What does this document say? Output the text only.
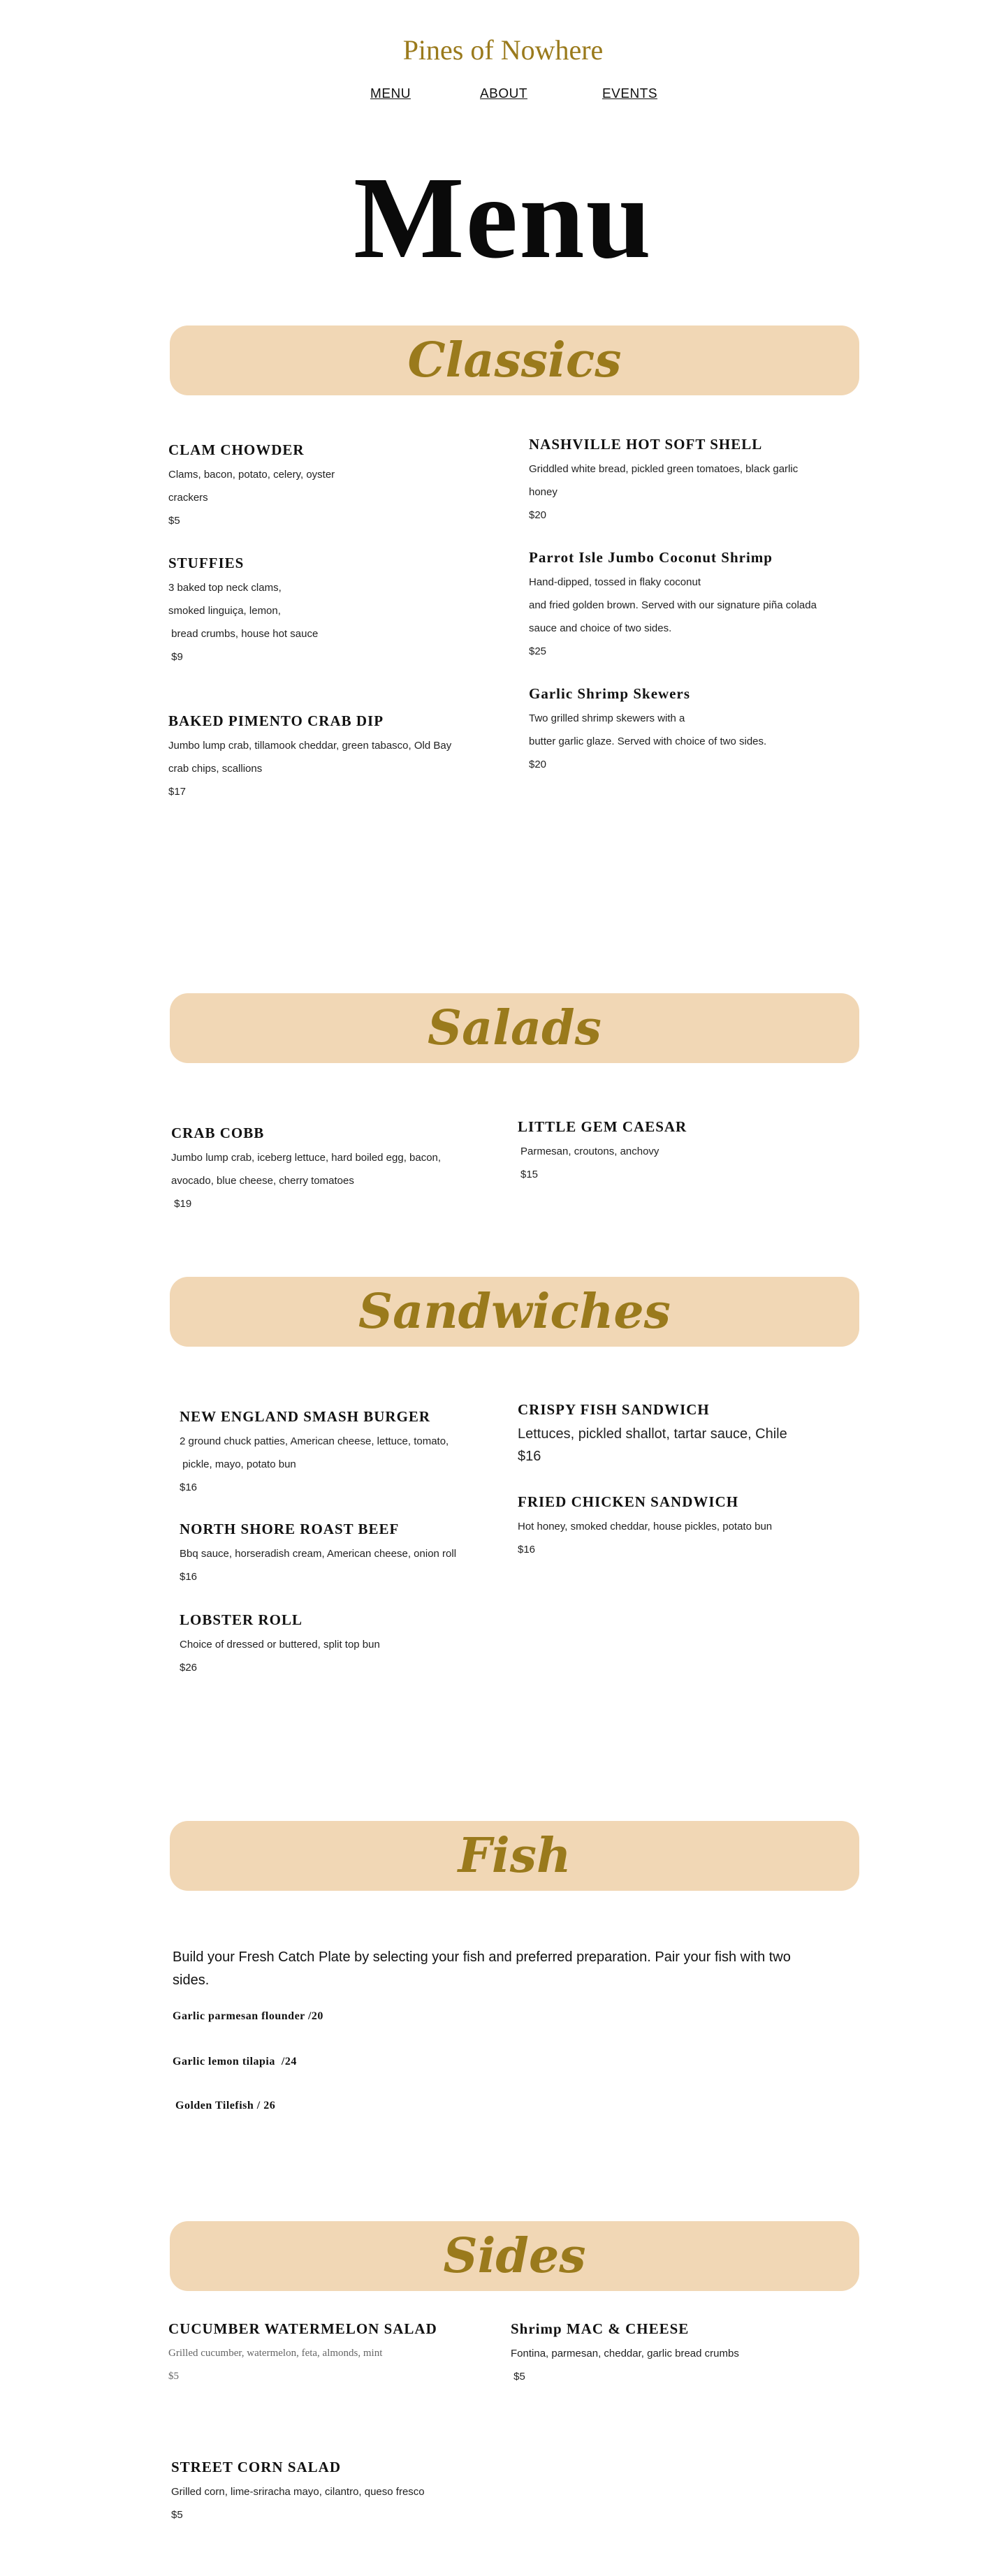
Pines of Nowhere
MENU	ABOUT	EVENTS
Menu
Classics
CLAM CHOWDER
Clams, bacon, potato, celery, oyster
crackers
$5
STUFFIES
3 baked top neck clams,
smoked linguiça, lemon,
bread crumbs, house hot sauce
$9
BAKED PIMENTO CRAB DIP
Jumbo lump crab, tillamook cheddar, green tabasco, Old Bay
crab chips, scallions
$17
NASHVILLE HOT SOFT SHELL
Griddled white bread, pickled green tomatoes, black garlic
honey
$20
Parrot Isle Jumbo Coconut Shrimp
Hand-dipped, tossed in flaky coconut
and fried golden brown. Served with our signature piña colada
sauce and choice of two sides.
$25
Garlic Shrimp Skewers
Two grilled shrimp skewers with a
butter garlic glaze. Served with choice of two sides.
$20
Salads
CRAB COBB
Jumbo lump crab, iceberg lettuce, hard boiled egg, bacon,
avocado, blue cheese, cherry tomatoes
$19
LITTLE GEM CAESAR
Parmesan, croutons, anchovy
$15
Sandwiches
NEW ENGLAND SMASH BURGER
2 ground chuck patties, American cheese, lettuce, tomato,
pickle, mayo, potato bun
$16
NORTH SHORE ROAST BEEF
Bbq sauce, horseradish cream, American cheese, onion roll
$16
LOBSTER ROLL
Choice of dressed or buttered, split top bun
$26
CRISPY FISH SANDWICH
Lettuces, pickled shallot, tartar sauce, Chile
$16
FRIED CHICKEN SANDWICH
Hot honey, smoked cheddar, house pickles, potato bun
$16
Fish

Build your Fresh Catch Plate by selecting your fish and preferred preparation. Pair your fish with two sides.

Garlic parmesan flounder /20
Garlic lemon tilapia  /24
Golden Tilefish / 26
Sides
CUCUMBER WATERMELON SALAD
Grilled cucumber, watermelon, feta, almonds, mint
$5
Shrimp MAC & CHEESE
Fontina, parmesan, cheddar, garlic bread crumbs
$5
STREET CORN SALAD
Grilled corn, lime-sriracha mayo, cilantro, queso fresco
$5
